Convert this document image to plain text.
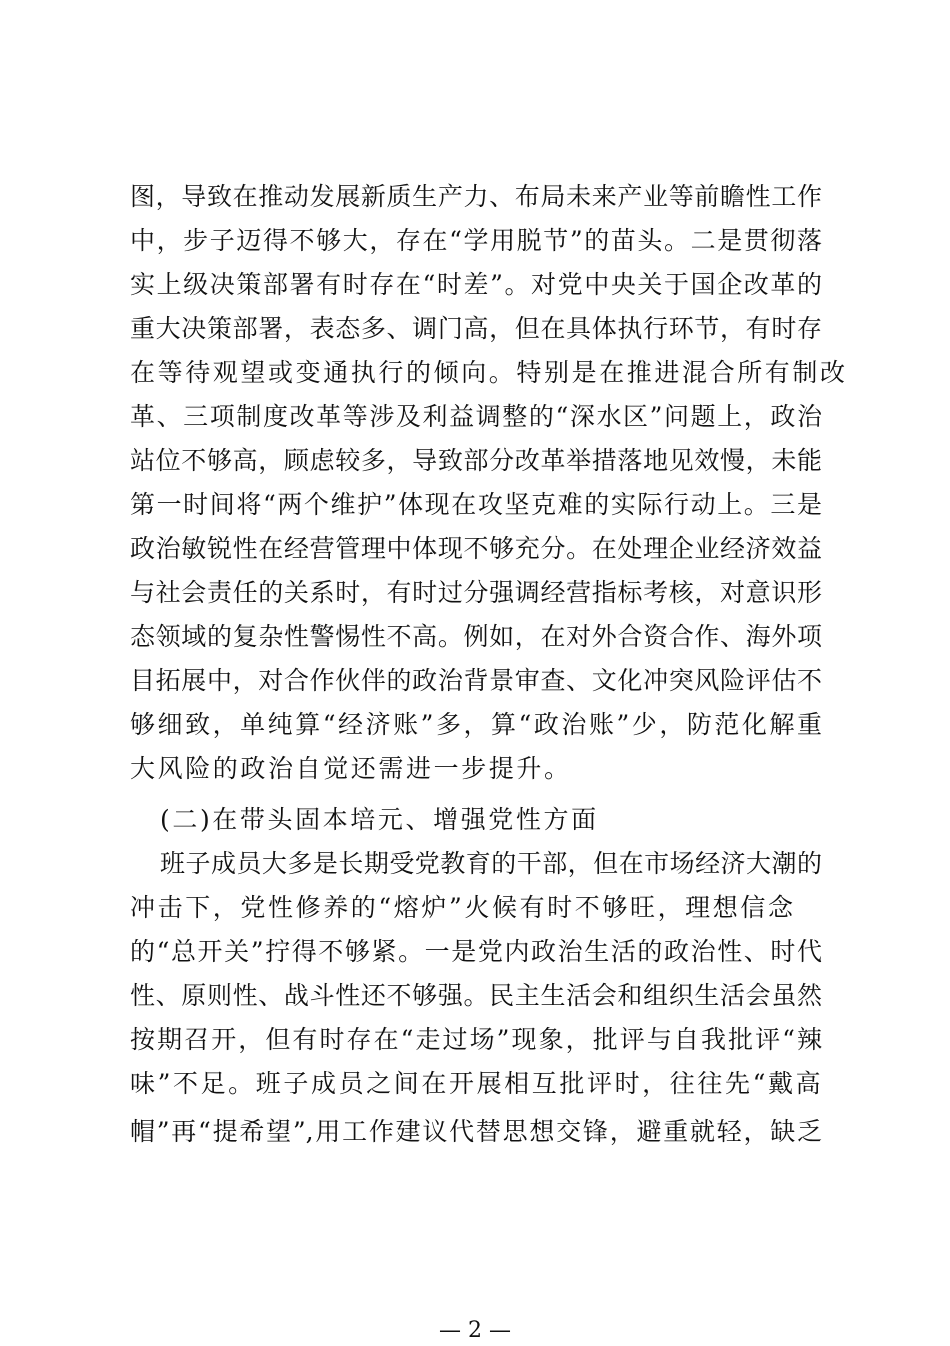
图，导致在推动发展新质生产力、布局未来产业等前瞻性工作
中，步子迈得不够大，存在“学用脱节”的苗头。二是贯彻落
实上级决策部署有时存在“时差”。对党中央关于国企改革的
重大决策部署，表态多、调门高，但在具体执行环节，有时存
在等待观望或变通执行的倾向。特别是在推进混合所有制改
革、三项制度改革等涉及利益调整的“深水区”问题上，政治
站位不够高，顾虑较多，导致部分改革举措落地见效慢，未能
第一时间将“两个维护”体现在攻坚克难的实际行动上。三是
政治敏锐性在经营管理中体现不够充分。在处理企业经济效益
与社会责任的关系时，有时过分强调经营指标考核，对意识形
态领域的复杂性警惕性不高。例如，在对外合资合作、海外项
目拓展中，对合作伙伴的政治背景审查、文化冲突风险评估不
够细致，单纯算“经济账”多，算“政治账”少，防范化解重
大风险的政治自觉还需进一步提升。
(二)在带头固本培元、增强党性方面
班子成员大多是长期受党教育的干部，但在市场经济大潮的
冲击下，党性修养的“熔炉”火候有时不够旺，理想信念
的“总开关”拧得不够紧。一是党内政治生活的政治性、时代
性、原则性、战斗性还不够强。民主生活会和组织生活会虽然
按期召开，但有时存在“走过场”现象，批评与自我批评“辣
味”不足。班子成员之间在开展相互批评时，往往先“戴高
帽”再“提希望”,用工作建议代替思想交锋，避重就轻，缺乏
— 2 —
